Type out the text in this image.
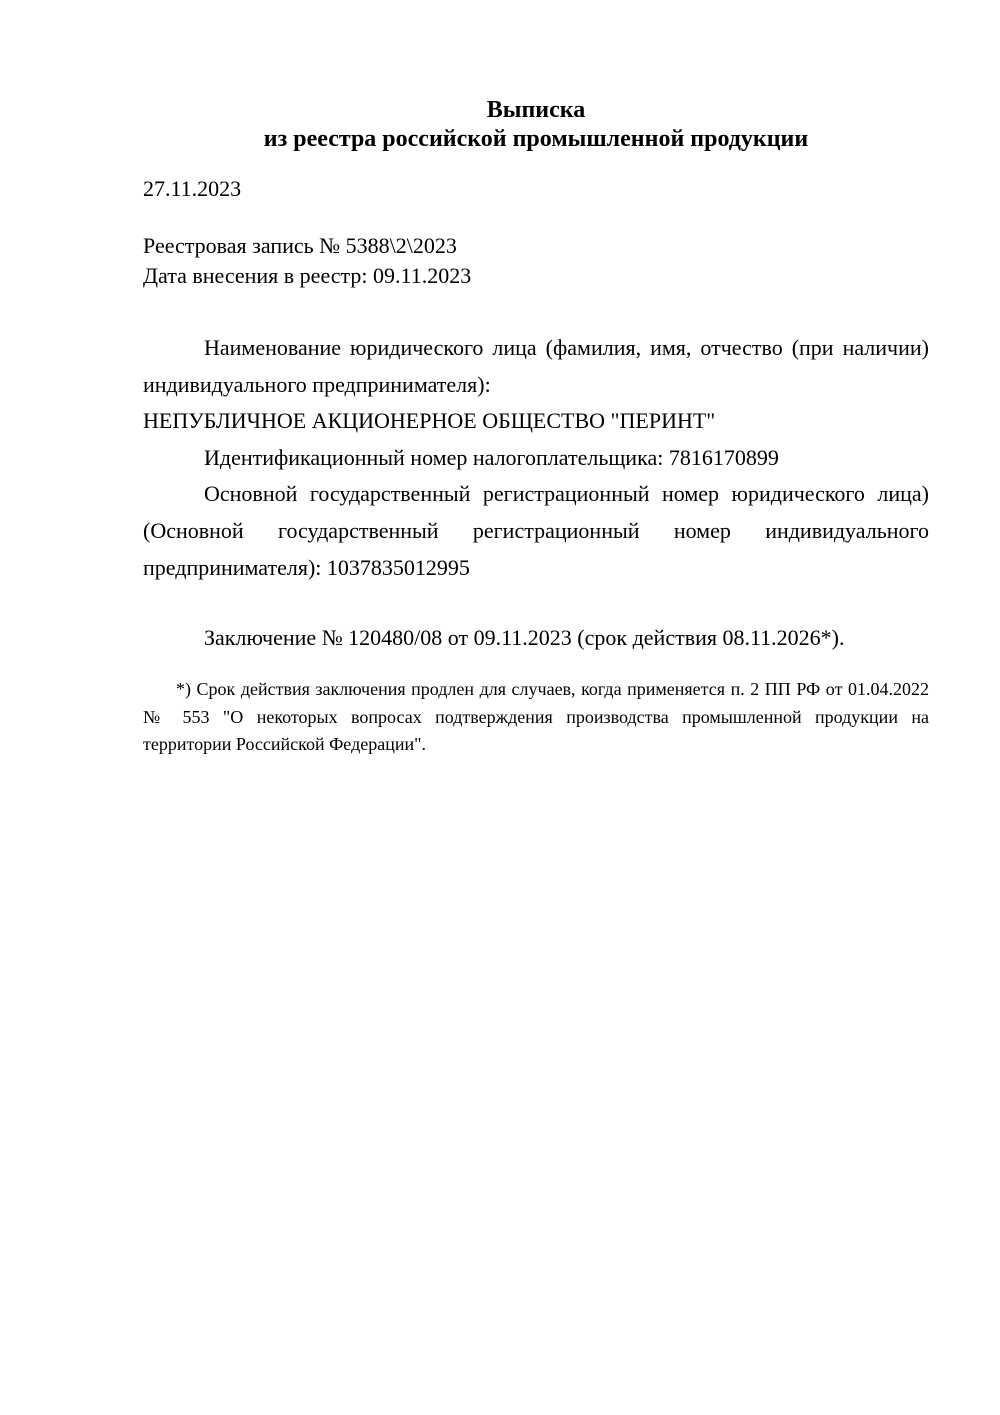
Выписка
из реестра российской промышленной продукции
27.11.2023
Реестровая запись № 5388\2\2023
Дата внесения в реестр: 09.11.2023

Наименование юридического лица (фамилия, имя, отчество (при наличии) индивидуального предпринимателя):

НЕПУБЛИЧНОЕ АКЦИОНЕРНОЕ ОБЩЕСТВО "ПЕРИНТ"

Идентификационный номер налогоплательщика: 7816170899

Основной государственный регистрационный номер юридического лица) (Основной государственный регистрационный номер индивидуального предпринимателя): 1037835012995

Заключение № 120480/08 от 09.11.2023 (срок действия 08.11.2026*).

*) Срок действия заключения продлен для случаев, когда применяется п. 2 ПП РФ от 01.04.2022 № 553 "О некоторых вопросах подтверждения производства промышленной продукции на территории Российской Федерации".
